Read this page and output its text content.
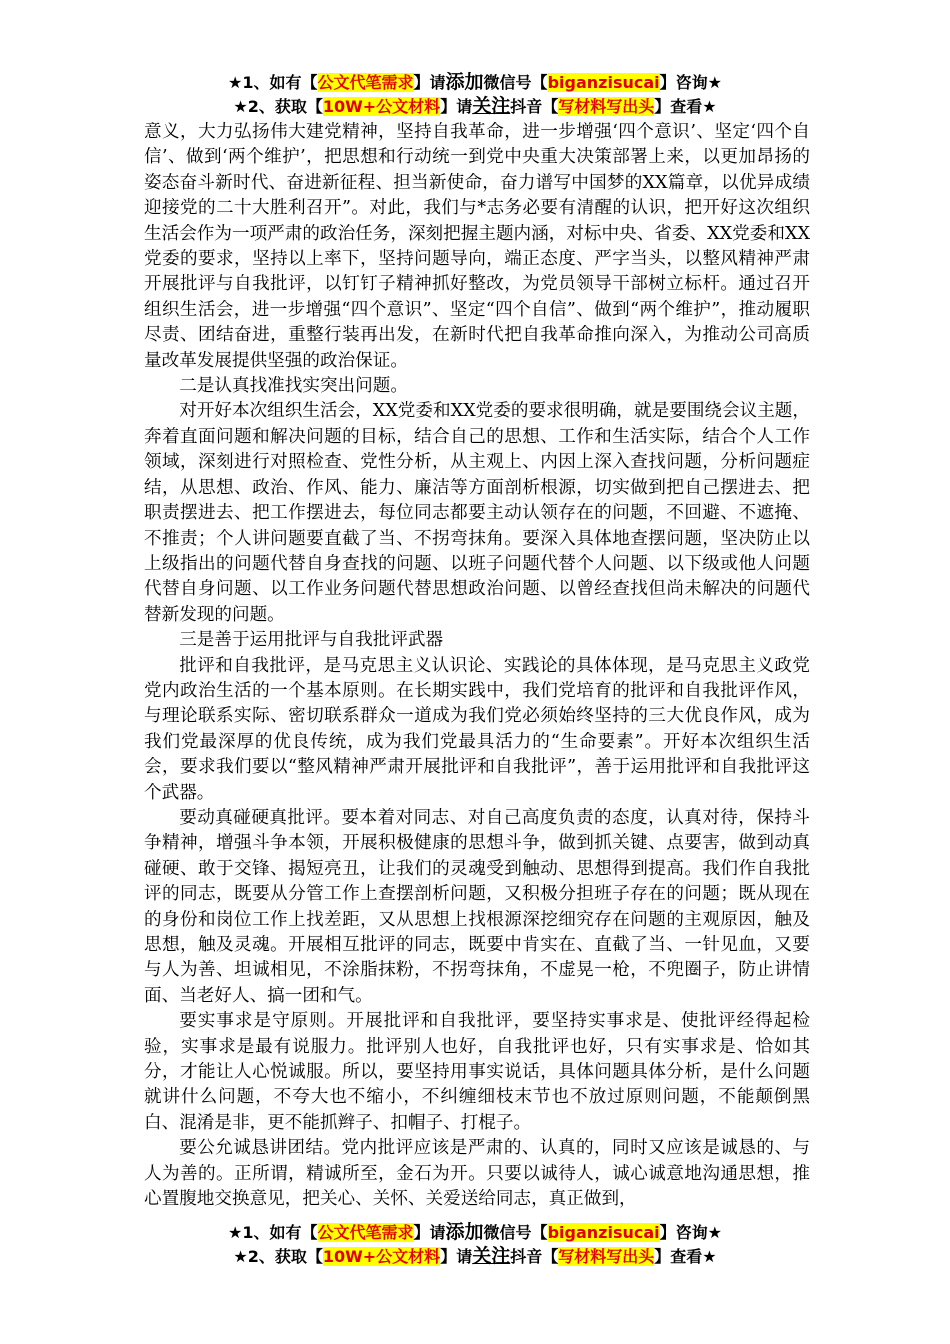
★1、如有【公文代笔需求】请添加微信号【biganzisucai】咨询★
★2、获取【10W+公文材料】请关注抖音【写材料写出头】查看★

意义，大力弘扬伟大建党精神，坚持自我革命，进一步增强‘四个意识’、坚定‘四个自信’、做到‘两个维护’，把思想和行动统一到党中央重大决策部署上来，以更加昂扬的姿态奋斗新时代、奋进新征程、担当新使命，奋力谱写中国梦的XX篇章，以优异成绩迎接党的二十大胜利召开”。对此，我们与*志务必要有清醒的认识，把开好这次组织生活会作为一项严肃的政治任务，深刻把握主题内涵，对标中央、省委、XX党委和XX党委的要求，坚持以上率下，坚持问题导向，端正态度、严字当头，以整风精神严肃开展批评与自我批评，以钉钉子精神抓好整改，为党员领导干部树立标杆。通过召开组织生活会，进一步增强“四个意识”、坚定“四个自信”、做到“两个维护”，推动履职尽责、团结奋进，重整行装再出发，在新时代把自我革命推向深入，为推动公司高质量改革发展提供坚强的政治保证。

二是认真找准找实突出问题。

对开好本次组织生活会，XX党委和XX党委的要求很明确，就是要围绕会议主题，奔着直面问题和解决问题的目标，结合自己的思想、工作和生活实际，结合个人工作领域，深刻进行对照检查、党性分析，从主观上、内因上深入查找问题，分析问题症结，从思想、政治、作风、能力、廉洁等方面剖析根源，切实做到把自己摆进去、把职责摆进去、把工作摆进去，每位同志都要主动认领存在的问题，不回避、不遮掩、不推责；个人讲问题要直截了当、不拐弯抹角。要深入具体地查摆问题，坚决防止以上级指出的问题代替自身查找的问题、以班子问题代替个人问题、以下级或他人问题代替自身问题、以工作业务问题代替思想政治问题、以曾经查找但尚未解决的问题代替新发现的问题。

三是善于运用批评与自我批评武器

批评和自我批评，是马克思主义认识论、实践论的具体体现，是马克思主义政党党内政治生活的一个基本原则。在长期实践中，我们党培育的批评和自我批评作风，与理论联系实际、密切联系群众一道成为我们党必须始终坚持的三大优良作风，成为我们党最深厚的优良传统，成为我们党最具活力的“生命要素”。开好本次组织生活会，要求我们要以“整风精神严肃开展批评和自我批评”，善于运用批评和自我批评这个武器。

要动真碰硬真批评。要本着对同志、对自己高度负责的态度，认真对待，保持斗争精神，增强斗争本领，开展积极健康的思想斗争，做到抓关键、点要害，做到动真碰硬、敢于交锋、揭短亮丑，让我们的灵魂受到触动、思想得到提高。我们作自我批评的同志，既要从分管工作上查摆剖析问题，又积极分担班子存在的问题；既从现在的身份和岗位工作上找差距，又从思想上找根源深挖细究存在问题的主观原因，触及思想，触及灵魂。开展相互批评的同志，既要中肯实在、直截了当、一针见血，又要与人为善、坦诚相见，不涂脂抹粉，不拐弯抹角，不虚晃一枪，不兜圈子，防止讲情面、当老好人、搞一团和气。

要实事求是守原则。开展批评和自我批评，要坚持实事求是、使批评经得起检验，实事求是最有说服力。批评别人也好，自我批评也好，只有实事求是、恰如其分，才能让人心悦诚服。所以，要坚持用事实说话，具体问题具体分析，是什么问题就讲什么问题，不夸大也不缩小，不纠缠细枝末节也不放过原则问题，不能颠倒黑白、混淆是非，更不能抓辫子、扣帽子、打棍子。

要公允诚恳讲团结。党内批评应该是严肃的、认真的，同时又应该是诚恳的、与人为善的。正所谓，精诚所至，金石为开。只要以诚待人，诚心诚意地沟通思想，推心置腹地交换意见，把关心、关怀、关爱送给同志，真正做到，

★1、如有【公文代笔需求】请添加微信号【biganzisucai】咨询★
★2、获取【10W+公文材料】请关注抖音【写材料写出头】查看★
